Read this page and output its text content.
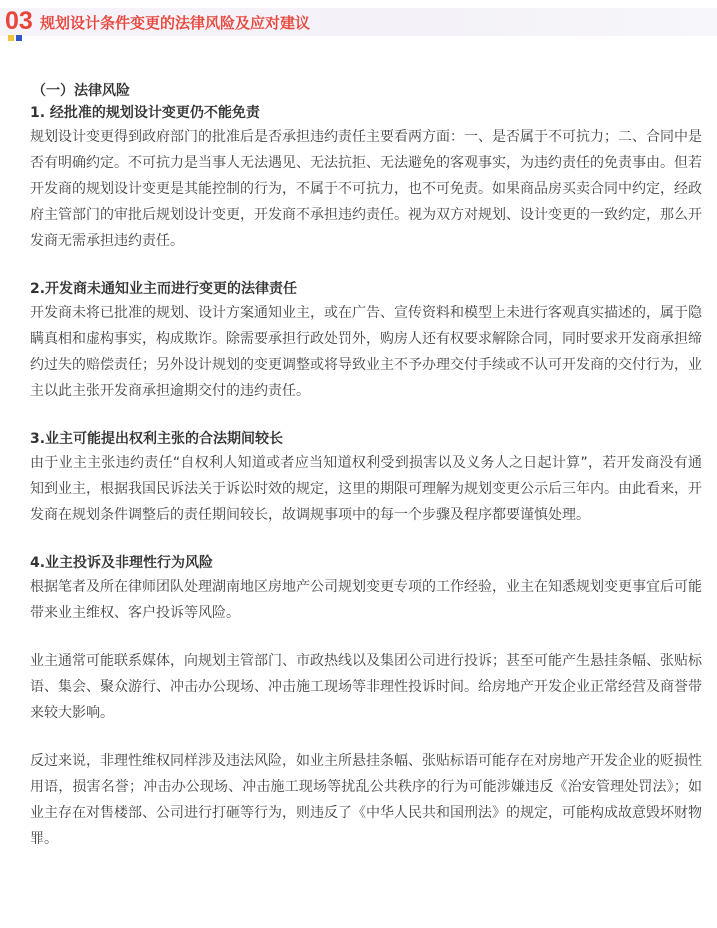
03 规划设计条件变更的法律风险及应对建议

（一）法律风险

1. 经批准的规划设计变更仍不能免责

规划设计变更得到政府部门的批准后是否承担违约责任主要看两方面：一、是否属于不可抗力；二、合同中是否有明确约定。不可抗力是当事人无法遇见、无法抗拒、无法避免的客观事实，为违约责任的免责事由。但若开发商的规划设计变更是其能控制的行为，不属于不可抗力，也不可免责。如果商品房买卖合同中约定，经政府主管部门的审批后规划设计变更，开发商不承担违约责任。视为双方对规划、设计变更的一致约定，那么开发商无需承担违约责任。

2.开发商未通知业主而进行变更的法律责任

开发商未将已批准的规划、设计方案通知业主，或在广告、宣传资料和模型上未进行客观真实描述的，属于隐瞒真相和虚构事实，构成欺诈。除需要承担行政处罚外，购房人还有权要求解除合同，同时要求开发商承担缔约过失的赔偿责任；另外设计规划的变更调整或将导致业主不予办理交付手续或不认可开发商的交付行为，业主以此主张开发商承担逾期交付的违约责任。

3.业主可能提出权利主张的合法期间较长

由于业主主张违约责任“自权利人知道或者应当知道权利受到损害以及义务人之日起计算”，若开发商没有通知到业主，根据我国民诉法关于诉讼时效的规定，这里的期限可理解为规划变更公示后三年内。由此看来，开发商在规划条件调整后的责任期间较长，故调规事项中的每一个步骤及程序都要谨慎处理。

4.业主投诉及非理性行为风险

根据笔者及所在律师团队处理湖南地区房地产公司规划变更专项的工作经验，业主在知悉规划变更事宜后可能带来业主维权、客户投诉等风险。

业主通常可能联系媒体，向规划主管部门、市政热线以及集团公司进行投诉；甚至可能产生悬挂条幅、张贴标语、集会、聚众游行、冲击办公现场、冲击施工现场等非理性投诉时间。给房地产开发企业正常经营及商誉带来较大影响。

反过来说，非理性维权同样涉及违法风险，如业主所悬挂条幅、张贴标语可能存在对房地产开发企业的贬损性用语，损害名誉；冲击办公现场、冲击施工现场等扰乱公共秩序的行为可能涉嫌违反《治安管理处罚法》；如业主存在对售楼部、公司进行打砸等行为，则违反了《中华人民共和国刑法》的规定，可能构成故意毁坏财物罪。
